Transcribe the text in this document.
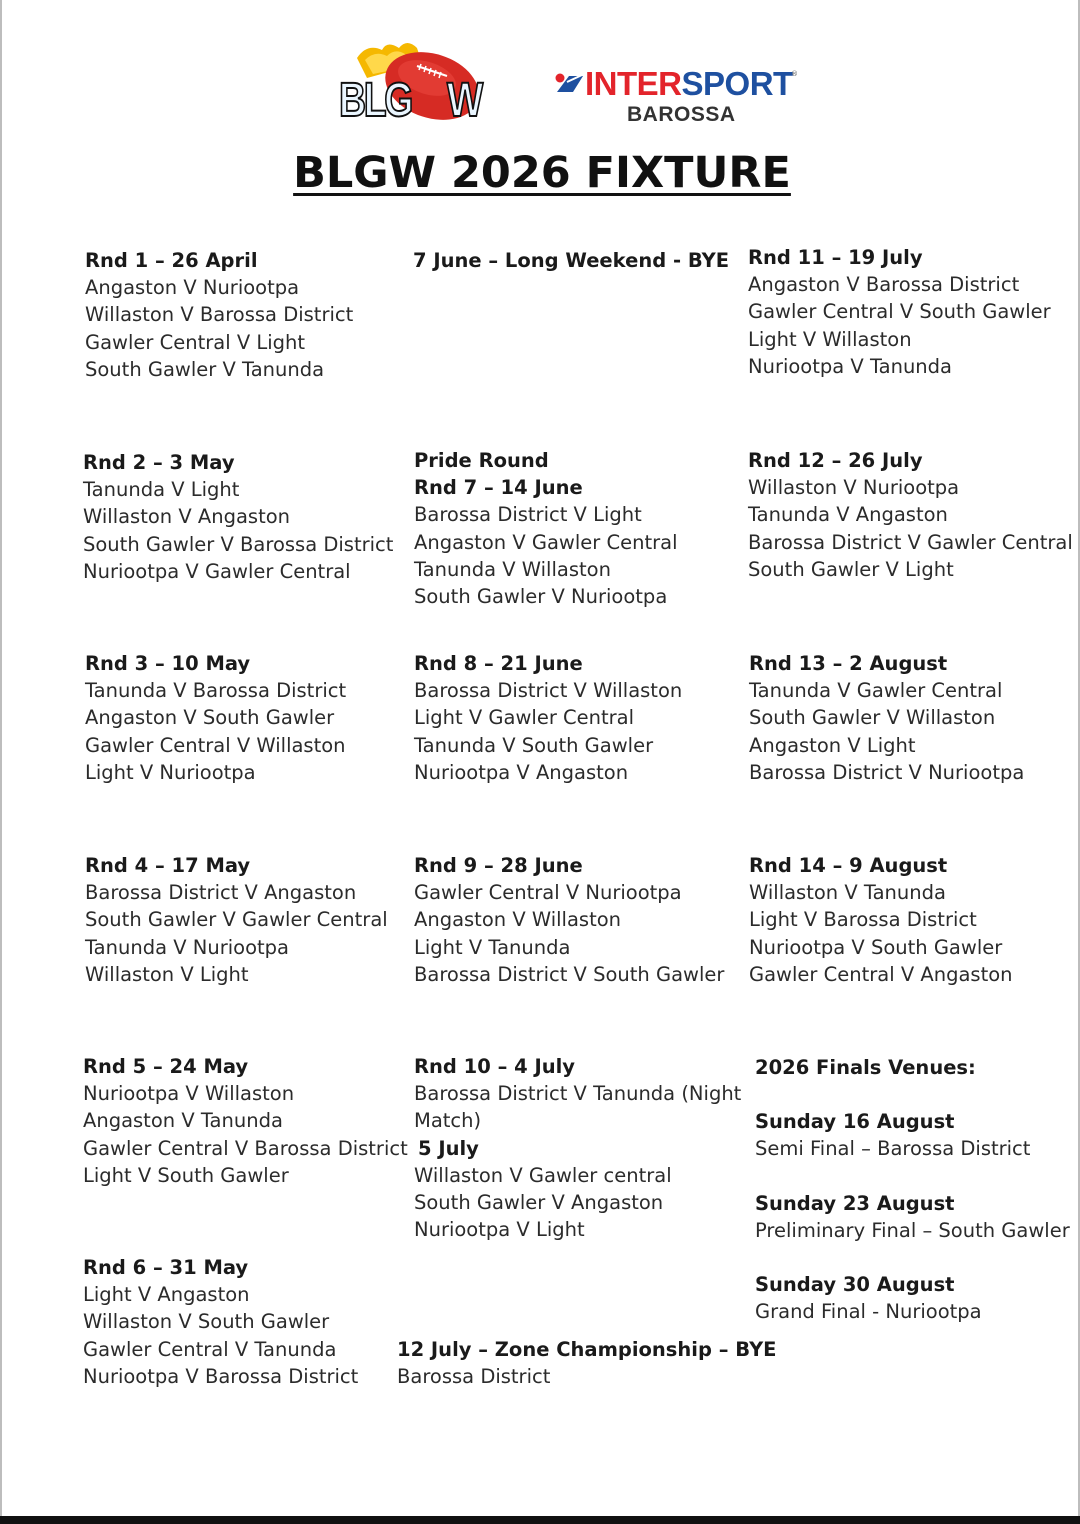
BLG W	INTERSPORT
®
BAROSSA
BLGW 2026 FIXTURE
Rnd 1 – 26 April
Angaston V Nuriootpa
Willaston V Barossa District
Gawler Central V Light
South Gawler V Tanunda
Rnd 2 – 3 May
Tanunda V Light
Willaston V Angaston
South Gawler V Barossa District
Nuriootpa V Gawler Central
Rnd 3 – 10 May
Tanunda V Barossa District
Angaston V South Gawler
Gawler Central V Willaston
Light V Nuriootpa
Rnd 4 – 17 May
Barossa District V Angaston
South Gawler V Gawler Central
Tanunda V Nuriootpa
Willaston V Light
Rnd 5 – 24 May
Nuriootpa V Willaston
Angaston V Tanunda
Gawler Central V Barossa District
Light V South Gawler
Rnd 6 – 31 May
Light V Angaston
Willaston V South Gawler
Gawler Central V Tanunda
Nuriootpa V Barossa District
7 June – Long Weekend - BYE
Pride Round
Rnd 7 – 14 June
Barossa District V Light
Angaston V Gawler Central
Tanunda V Willaston
South Gawler V Nuriootpa
Rnd 8 – 21 June
Barossa District V Willaston
Light V Gawler Central
Tanunda V South Gawler
Nuriootpa V Angaston
Rnd 9 – 28 June
Gawler Central V Nuriootpa
Angaston V Willaston
Light V Tanunda
Barossa District V South Gawler
Rnd 10 – 4 July
Barossa District V Tanunda (Night
Match)
5 July
Willaston V Gawler central
South Gawler V Angaston
Nuriootpa V Light
12 July – Zone Championship – BYE
Barossa District
Rnd 11 – 19 July
Angaston V Barossa District
Gawler Central V South Gawler
Light V Willaston
Nuriootpa V Tanunda
Rnd 12 – 26 July
Willaston V Nuriootpa
Tanunda V Angaston
Barossa District V Gawler Central
South Gawler V Light
Rnd 13 – 2 August
Tanunda V Gawler Central
South Gawler V Willaston
Angaston V Light
Barossa District V Nuriootpa
Rnd 14 – 9 August
Willaston V Tanunda
Light V Barossa District
Nuriootpa V South Gawler
Gawler Central V Angaston
2026 Finals Venues:
Sunday 16 August
Semi Final – Barossa District
Sunday 23 August
Preliminary Final – South Gawler
Sunday 30 August
Grand Final - Nuriootpa
